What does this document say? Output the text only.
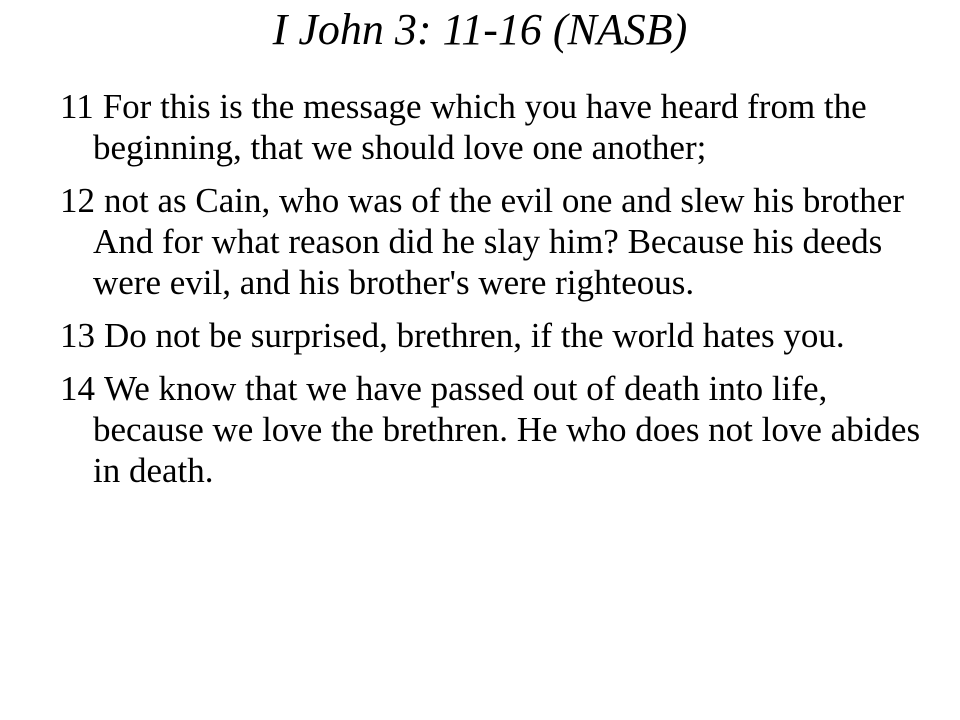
I John 3: 11-16 (NASB)
11 For this is the message which you have heard from the beginning, that we should love one another;
12 not as Cain, who was of the evil one and slew his brother And for what reason did he slay him? Because his deeds were evil, and his brother's were righteous.
13 Do not be surprised, brethren, if the world hates you.
14 We know that we have passed out of death into life, because we love the brethren. He who does not love abides in death.
